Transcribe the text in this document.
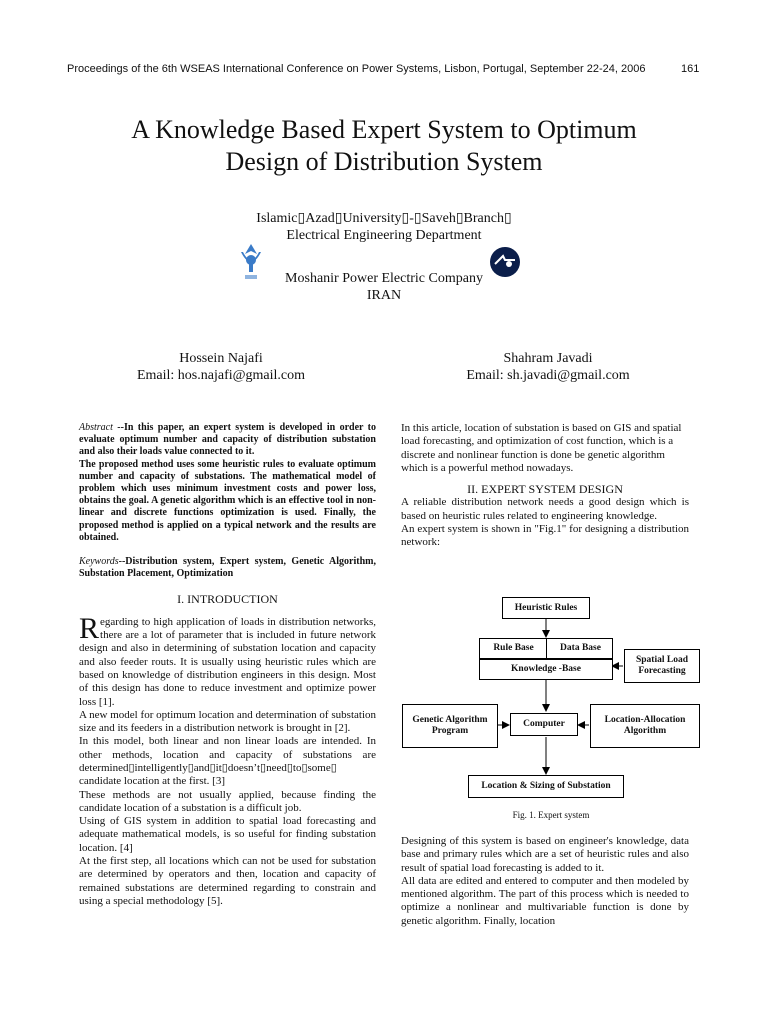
Proceedings of the 6th WSEAS International Conference on Power Systems, Lisbon, Portugal, September 22-24, 2006	161
A Knowledge Based Expert System to Optimum
Design of Distribution System
Islamic▯Azad▯University▯-▯Saveh▯Branch▯
Electrical Engineering Department
Moshanir Power Electric Company
IRAN
Hossein Najafi
Email: hos.najafi@gmail.com
Shahram Javadi
Email: sh.javadi@gmail.com

Abstract --In this paper, an expert system is developed in order to evaluate optimum number and capacity of distribution substation and also their loads value connected to it.

The proposed method uses some heuristic rules to evaluate optimum number and capacity of substations. The mathematical model of problem which uses minimum investment costs and power loss, obtains the goal. A genetic algorithm which is an effective tool in non-linear and discrete functions optimization is used. Finally, the proposed method is applied on a typical network and the results are obtained.

Keywords--Distribution system, Expert system, Genetic Algorithm, Substation Placement, Optimization

I. INTRODUCTION

Regarding to high application of loads in distribution networks, there are a lot of parameter that is included in future network design and also in determining of substation location and capacity and also feeder routs. It is usually using heuristic rules which are based on knowledge of distribution engineers in this design. Most of this design has done to reduce investment and optimize power loss [1].

A new model for optimum location and determination of substation size and its feeders in a distribution network is brought in [2].

In this model, both linear and non linear loads are intended. In other methods, location and capacity of substations are determined▯intelligently▯and▯it▯doesn’t▯need▯to▯some▯ candidate location at the first. [3]

These methods are not usually applied, because finding the candidate location of a substation is a difficult job.

Using of GIS system in addition to spatial load forecasting and adequate mathematical models, is so useful for finding substation location. [4]

At the first step, all locations which can not be used for substation are determined by operators and then, location and capacity of remained substations are determined regarding to constrain and using a special methodology [5].

In this article, location of substation is based on GIS and spatial load forecasting, and optimization of cost function, which is a discrete and nonlinear function is done be genetic algorithm which is a powerful method nowadays.

II. EXPERT SYSTEM DESIGN

A reliable distribution network needs a good design which is based on heuristic rules related to engineering knowledge.

An expert system is shown in "Fig.1" for designing a distribution network:

Heuristic Rules
Rule Base	Data Base
Knowledge -Base
Spatial Load Forecasting
Genetic Algorithm Program
Computer	Location-Allocation Algorithm
Location & Sizing of Substation
Fig. 1. Expert system

Designing of this system is based on engineer's knowledge, data base and primary rules which are a set of heuristic rules and also result of spatial load forecasting is added to it.

All data are edited and entered to computer and then modeled by mentioned algorithm. The part of this process which is needed to optimize a nonlinear and multivariable function is done by genetic algorithm. Finally, location
